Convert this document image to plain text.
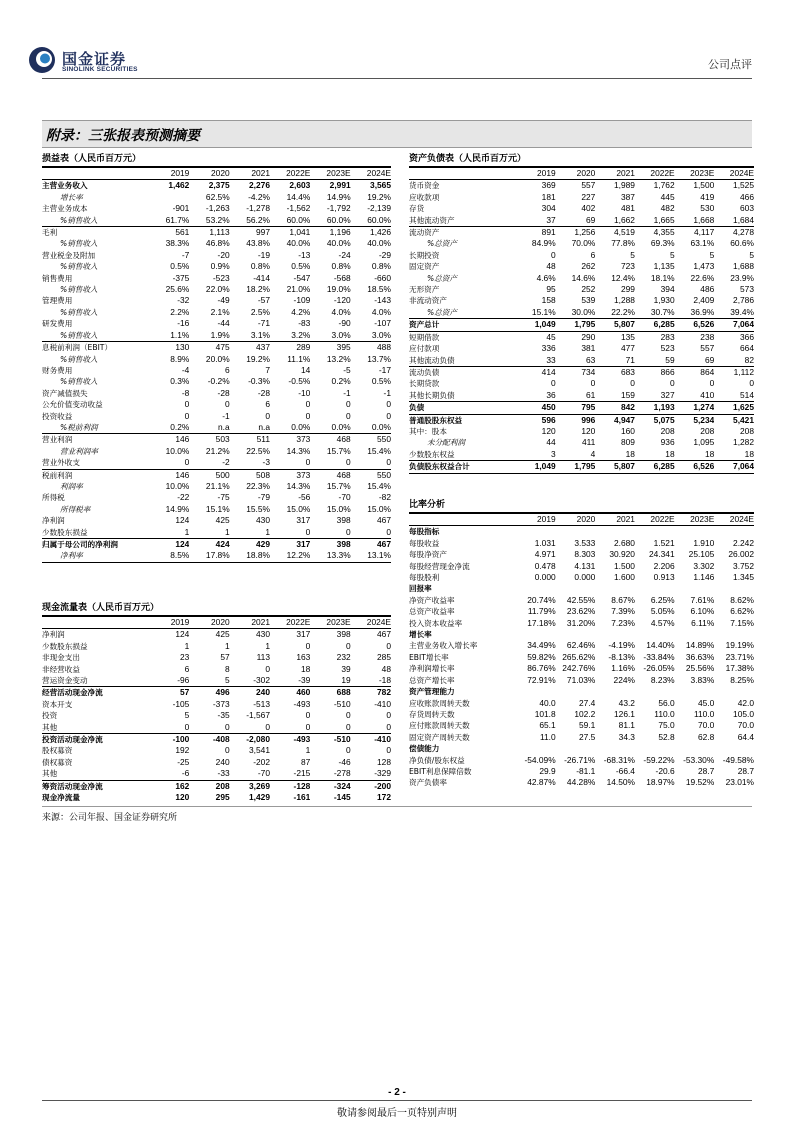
国金证券
SINOLINK SECURITIES	公司点评
附录：三张报表预测摘要
损益表（人民币百万元）
	2019	2020	2021	2022E	2023E	2024E
主营业务收入	1,462	2,375	2,276	2,603	2,991	3,565
增长率		62.5%	-4.2%	14.4%	14.9%	19.2%
主营业务成本	-901	-1,263	-1,278	-1,562	-1,792	-2,139
%销售收入	61.7%	53.2%	56.2%	60.0%	60.0%	60.0%
毛利	561	1,113	997	1,041	1,196	1,426
%销售收入	38.3%	46.8%	43.8%	40.0%	40.0%	40.0%
营业税金及附加	-7	-20	-19	-13	-24	-29
%销售收入	0.5%	0.9%	0.8%	0.5%	0.8%	0.8%
销售费用	-375	-523	-414	-547	-568	-660
%销售收入	25.6%	22.0%	18.2%	21.0%	19.0%	18.5%
管理费用	-32	-49	-57	-109	-120	-143
%销售收入	2.2%	2.1%	2.5%	4.2%	4.0%	4.0%
研发费用	-16	-44	-71	-83	-90	-107
%销售收入	1.1%	1.9%	3.1%	3.2%	3.0%	3.0%
息税前利润（EBIT）	130	475	437	289	395	488
%销售收入	8.9%	20.0%	19.2%	11.1%	13.2%	13.7%
财务费用	-4	6	7	14	-5	-17
%销售收入	0.3%	-0.2%	-0.3%	-0.5%	0.2%	0.5%
资产减值损失	-8	-28	-28	-10	-1	-1
公允价值变动收益	0	0	6	0	0	0
投资收益	0	-1	0	0	0	0
%税前利润	0.2%	n.a	n.a	0.0%	0.0%	0.0%
营业利润	146	503	511	373	468	550
营业利润率	10.0%	21.2%	22.5%	14.3%	15.7%	15.4%
营业外收支	0	-2	-3	0	0	0
税前利润	146	500	508	373	468	550
利润率	10.0%	21.1%	22.3%	14.3%	15.7%	15.4%
所得税	-22	-75	-79	-56	-70	-82
所得税率	14.9%	15.1%	15.5%	15.0%	15.0%	15.0%
净利润	124	425	430	317	398	467
少数股东损益	1	1	1	0	0	0
归属于母公司的净利润	124	424	429	317	398	467
净利率	8.5%	17.8%	18.8%	12.2%	13.3%	13.1%
现金流量表（人民币百万元）
	2019	2020	2021	2022E	2023E	2024E
净利润	124	425	430	317	398	467
少数股东损益	1	1	1	0	0	0
非现金支出	23	57	113	163	232	285
非经营收益	6	8	0	18	39	48
营运资金变动	-96	5	-302	-39	19	-18
经营活动现金净流	57	496	240	460	688	782
资本开支	-105	-373	-513	-493	-510	-410
投资	5	-35	-1,567	0	0	0
其他	0	0	0	0	0	0
投资活动现金净流	-100	-408	-2,080	-493	-510	-410
股权募资	192	0	3,541	1	0	0
债权募资	-25	240	-202	87	-46	128
其他	-6	-33	-70	-215	-278	-329
筹资活动现金净流	162	208	3,269	-128	-324	-200
现金净流量	120	295	1,429	-161	-145	172
资产负债表（人民币百万元）
	2019	2020	2021	2022E	2023E	2024E
货币资金	369	557	1,989	1,762	1,500	1,525
应收款项	181	227	387	445	419	466
存货	304	402	481	482	530	603
其他流动资产	37	69	1,662	1,665	1,668	1,684
流动资产	891	1,256	4,519	4,355	4,117	4,278
%总资产	84.9%	70.0%	77.8%	69.3%	63.1%	60.6%
长期投资	0	6	5	5	5	5
固定资产	48	262	723	1,135	1,473	1,688
%总资产	4.6%	14.6%	12.4%	18.1%	22.6%	23.9%
无形资产	95	252	299	394	486	573
非流动资产	158	539	1,288	1,930	2,409	2,786
%总资产	15.1%	30.0%	22.2%	30.7%	36.9%	39.4%
资产总计	1,049	1,795	5,807	6,285	6,526	7,064
短期借款	45	290	135	283	238	366
应付款项	336	381	477	523	557	664
其他流动负债	33	63	71	59	69	82
流动负债	414	734	683	866	864	1,112
长期贷款	0	0	0	0	0	0
其他长期负债	36	61	159	327	410	514
负债	450	795	842	1,193	1,274	1,625
普通股股东权益	596	996	4,947	5,075	5,234	5,421
其中：股本	120	120	160	208	208	208
未分配利润	44	411	809	936	1,095	1,282
少数股东权益	3	4	18	18	18	18
负债股东权益合计	1,049	1,795	5,807	6,285	6,526	7,064
比率分析
	2019	2020	2021	2022E	2023E	2024E
每股指标						
每股收益	1.031	3.533	2.680	1.521	1.910	2.242
每股净资产	4.971	8.303	30.920	24.341	25.105	26.002
每股经营现金净流	0.478	4.131	1.500	2.206	3.302	3.752
每股股利	0.000	0.000	1.600	0.913	1.146	1.345
回报率						
净资产收益率	20.74%	42.55%	8.67%	6.25%	7.61%	8.62%
总资产收益率	11.79%	23.62%	7.39%	5.05%	6.10%	6.62%
投入资本收益率	17.18%	31.20%	7.23%	4.57%	6.11%	7.15%
增长率						
主营业务收入增长率	34.49%	62.46%	-4.19%	14.40%	14.89%	19.19%
EBIT增长率	59.82%	265.62%	-8.13%	-33.84%	36.63%	23.71%
净利润增长率	86.76%	242.76%	1.16%	-26.05%	25.56%	17.38%
总资产增长率	72.91%	71.03%	224%	8.23%	3.83%	8.25%
资产管理能力						
应收账款周转天数	40.0	27.4	43.2	56.0	45.0	42.0
存货周转天数	101.8	102.2	126.1	110.0	110.0	105.0
应付账款周转天数	65.1	59.1	81.1	75.0	70.0	70.0
固定资产周转天数	11.0	27.5	34.3	52.8	62.8	64.4
偿债能力						
净负债/股东权益	-54.09%	-26.71%	-68.31%	-59.22%	-53.30%	-49.58%
EBIT利息保障倍数	29.9	-81.1	-66.4	-20.6	28.7	28.7
资产负债率	42.87%	44.28%	14.50%	18.97%	19.52%	23.01%
来源：公司年报、国金证券研究所
- 2 -
敬请参阅最后一页特别声明
